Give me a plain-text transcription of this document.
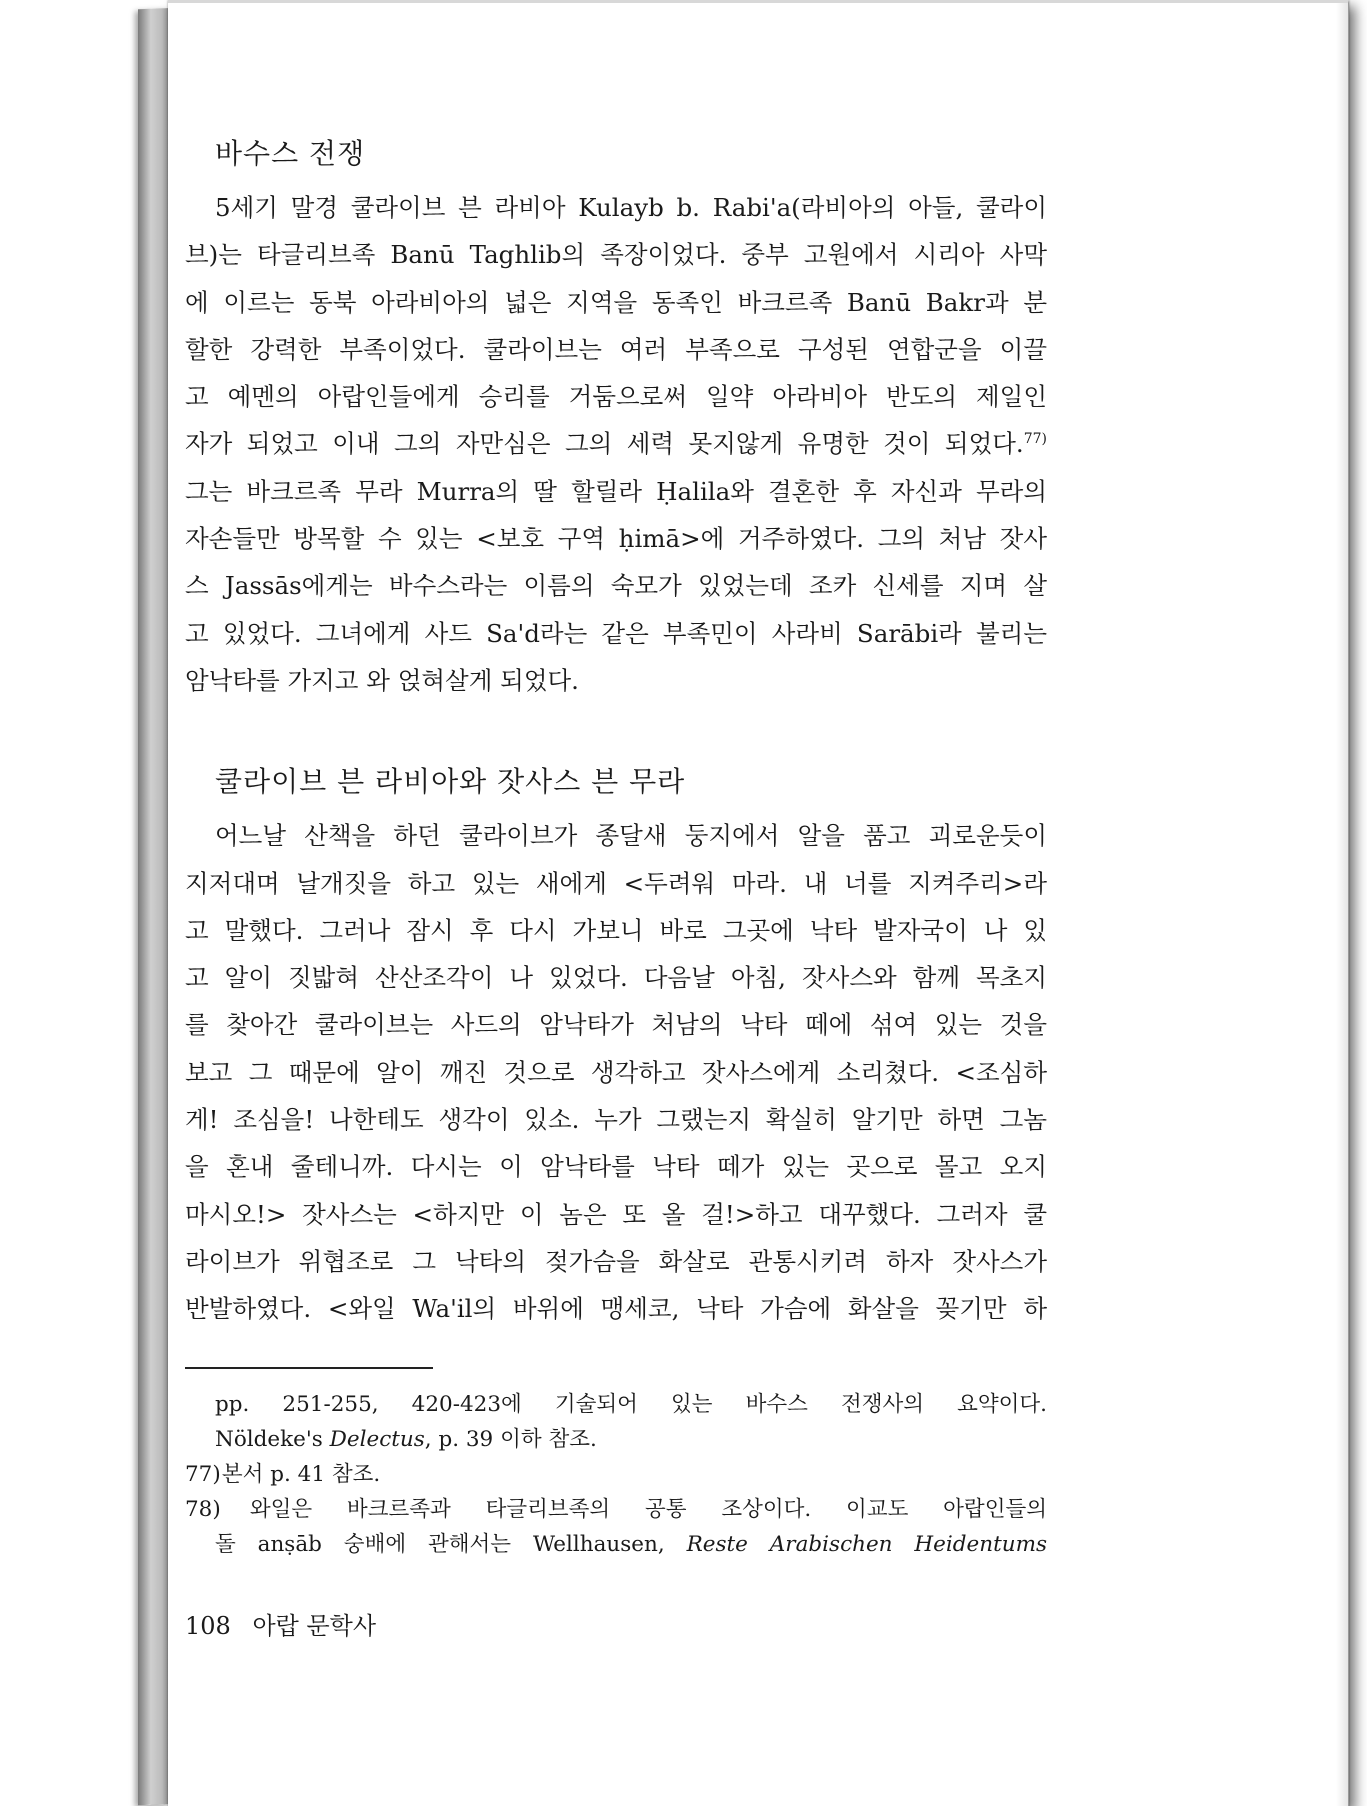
바수스 전쟁

5세기 말경 쿨라이브 븐 라비아 Kulayb b. Rabi'a(라비아의 아들, 쿨라이
브)는 타글리브족 Banū Taghlib의 족장이었다. 중부 고원에서 시리아 사막
에 이르는 동북 아라비아의 넓은 지역을 동족인 바크르족 Banū Bakr과 분
할한 강력한 부족이었다. 쿨라이브는 여러 부족으로 구성된 연합군을 이끌
고 예멘의 아랍인들에게 승리를 거둠으로써 일약 아라비아 반도의 제일인
자가 되었고 이내 그의 자만심은 그의 세력 못지않게 유명한 것이 되었다.$^{77)}$
그는 바크르족 무라 Murra의 딸 할릴라 Ḥalila와 결혼한 후 자신과 무라의
자손들만 방목할 수 있는 <보호 구역 ḥimā>에 거주하였다. 그의 처남 잣사
스 Jassās에게는 바수스라는 이름의 숙모가 있었는데 조카 신세를 지며 살
고 있었다. 그녀에게 사드 Sa'd라는 같은 부족민이 사라비 Sarābi라 불리는
암낙타를 가지고 와 얹혀살게 되었다.

쿨라이브 븐 라비아와 잣사스 븐 무라

어느날 산책을 하던 쿨라이브가 종달새 둥지에서 알을 품고 괴로운듯이
지저대며 날개짓을 하고 있는 새에게 <두려워 마라. 내 너를 지켜주리>라
고 말했다. 그러나 잠시 후 다시 가보니 바로 그곳에 낙타 발자국이 나 있
고 알이 짓밟혀 산산조각이 나 있었다. 다음날 아침, 잣사스와 함께 목초지
를 찾아간 쿨라이브는 사드의 암낙타가 처남의 낙타 떼에 섞여 있는 것을
보고 그 때문에 알이 깨진 것으로 생각하고 잣사스에게 소리쳤다. <조심하
게! 조심을! 나한테도 생각이 있소. 누가 그랬는지 확실히 알기만 하면 그놈
을 혼내 줄테니까. 다시는 이 암낙타를 낙타 떼가 있는 곳으로 몰고 오지
마시오!> 잣사스는 <하지만 이 놈은 또 올 걸!>하고 대꾸했다. 그러자 쿨
라이브가 위협조로 그 낙타의 젖가슴을 화살로 관통시키려 하자 잣사스가
반발하였다. <와일 Wa'il의 바위에 맹세코, 낙타 가슴에 화살을 꽂기만 하

pp. 251-255, 420-423에 기술되어 있는 바수스 전쟁사의 요약이다.
Nöldeke's Delectus, p. 39 이하 참조.

77) 본서 p. 41 참조.

78) 와일은 바크르족과 타글리브족의 공통 조상이다. 이교도 아랍인들의
돌 anṣāb 숭배에 관해서는 Wellhausen, Reste Arabischen Heidentums

108 아랍 문학사
